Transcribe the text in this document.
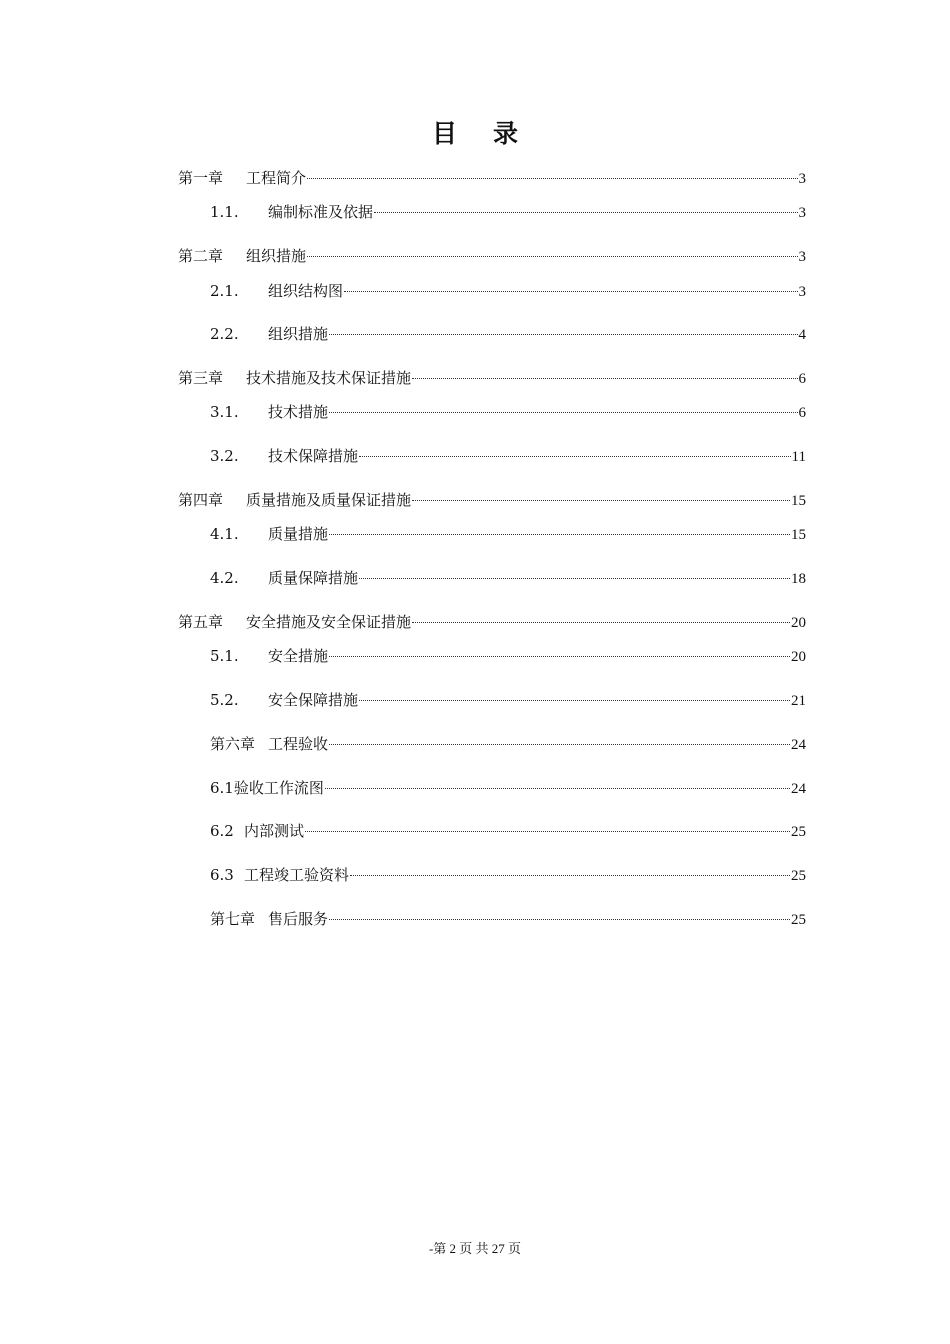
目 录
第一章	工程简介	3
1.1.	编制标准及依据	3
第二章	组织措施	3
2.1.	组织结构图	3
2.2.	组织措施	4
第三章	技术措施及技术保证措施	6
3.1.	技术措施	6
3.2.	技术保障措施	11
第四章	质量措施及质量保证措施	15
4.1.	质量措施	15
4.2.	质量保障措施	18
第五章	安全措施及安全保证措施	20
5.1.	安全措施	20
5.2.	安全保障措施	21
第六章 工程验收	24
6.1 验收工作流图	24
6.2 内部测试	25
6.3 工程竣工验资料	25
第七章 售后服务	25
-第 2 页 共 27 页
